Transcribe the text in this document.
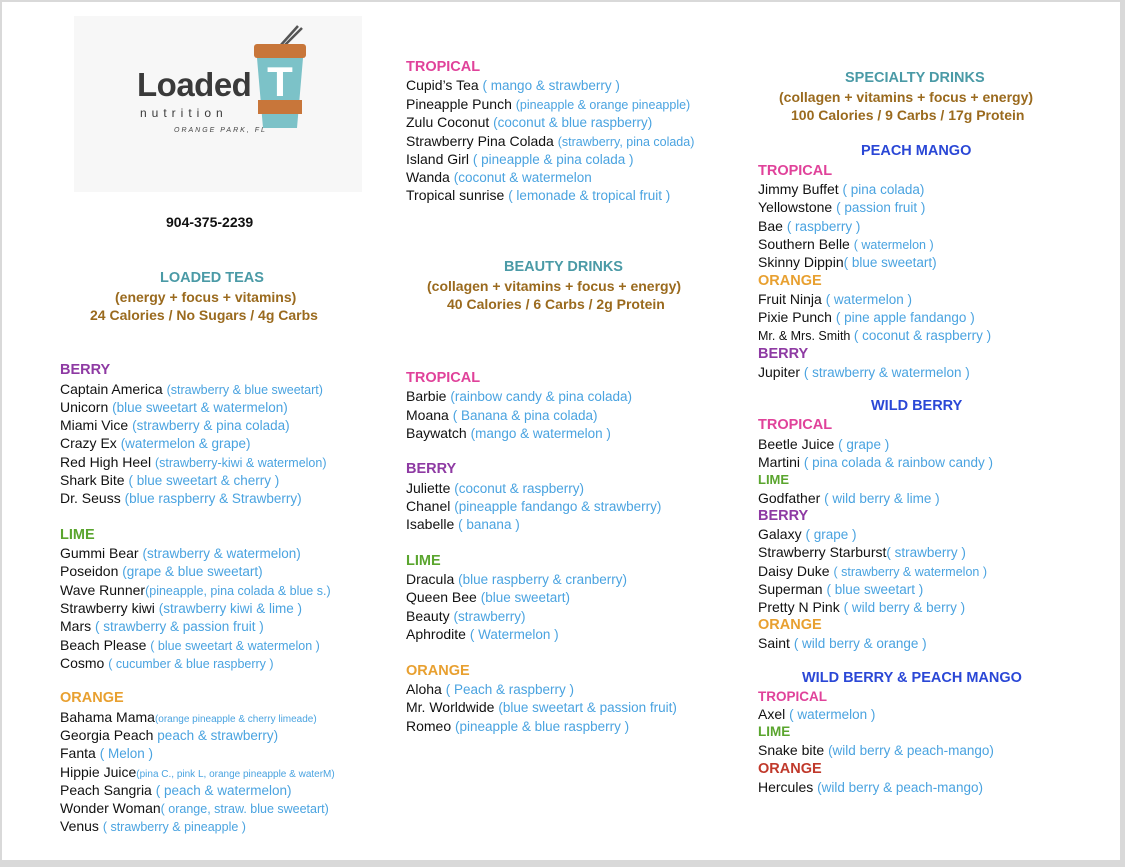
Loaded
nutrition
ORANGE PARK, FL
T
904-375-2239
LOADED TEAS
(energy + focus + vitamins)
24 Calories / No Sugars / 4g Carbs
BERRY
Captain America (strawberry & blue sweetart)
Unicorn (blue sweetart & watermelon)
Miami Vice (strawberry & pina colada)
Crazy Ex (watermelon & grape)
Red High Heel (strawberry-kiwi & watermelon)
Shark Bite ( blue sweetart & cherry )
Dr. Seuss (blue raspberry & Strawberry)
LIME
Gummi Bear (strawberry & watermelon)
Poseidon (grape & blue sweetart)
Wave Runner(pineapple, pina colada & blue s.)
Strawberry kiwi (strawberry kiwi & lime )
Mars ( strawberry & passion fruit )
Beach Please ( blue sweetart & watermelon )
Cosmo ( cucumber & blue raspberry )
ORANGE
Bahama Mama(orange pineapple & cherry limeade)
Georgia Peach peach & strawberry)
Fanta ( Melon )
Hippie Juice(pina C., pink L, orange pineapple & waterM)
Peach Sangria ( peach & watermelon)
Wonder Woman( orange, straw. blue sweetart)
Venus ( strawberry & pineapple )
TROPICAL
Cupid’s Tea ( mango & strawberry )
Pineapple Punch (pineapple & orange pineapple)
Zulu Coconut (coconut & blue raspberry)
Strawberry Pina Colada (strawberry, pina colada)
Island Girl ( pineapple & pina colada )
Wanda (coconut & watermelon
Tropical sunrise ( lemonade & tropical fruit )
BEAUTY DRINKS
(collagen + vitamins + focus + energy)
40 Calories / 6 Carbs / 2g Protein
TROPICAL
Barbie (rainbow candy & pina colada)
Moana ( Banana & pina colada)
Baywatch (mango & watermelon )
BERRY
Juliette (coconut & raspberry)
Chanel (pineapple fandango & strawberry)
Isabelle ( banana )
LIME
Dracula (blue raspberry & cranberry)
Queen Bee (blue sweetart)
Beauty (strawberry)
Aphrodite ( Watermelon )
ORANGE
Aloha ( Peach & raspberry )
Mr. Worldwide (blue sweetart & passion fruit)
Romeo (pineapple & blue raspberry )
SPECIALTY DRINKS
(collagen + vitamins + focus + energy)
100 Calories / 9 Carbs / 17g Protein
PEACH MANGO
TROPICAL
Jimmy Buffet ( pina colada)
Yellowstone ( passion fruit )
Bae ( raspberry )
Southern Belle ( watermelon )
Skinny Dippin( blue sweetart)
ORANGE
Fruit Ninja ( watermelon )
Pixie Punch ( pine apple fandango )
Mr. & Mrs. Smith ( coconut & raspberry )
BERRY
Jupiter ( strawberry & watermelon )
WILD BERRY
TROPICAL
Beetle Juice ( grape )
Martini ( pina colada & rainbow candy )
LIME
Godfather ( wild berry & lime )
BERRY
Galaxy ( grape )
Strawberry Starburst( strawberry )
Daisy Duke ( strawberry & watermelon )
Superman ( blue sweetart )
Pretty N Pink ( wild berry & berry )
ORANGE
Saint ( wild berry & orange )
WILD BERRY & PEACH MANGO
TROPICAL
Axel ( watermelon )
LIME
Snake bite (wild berry & peach-mango)
ORANGE
Hercules (wild berry & peach-mango)
